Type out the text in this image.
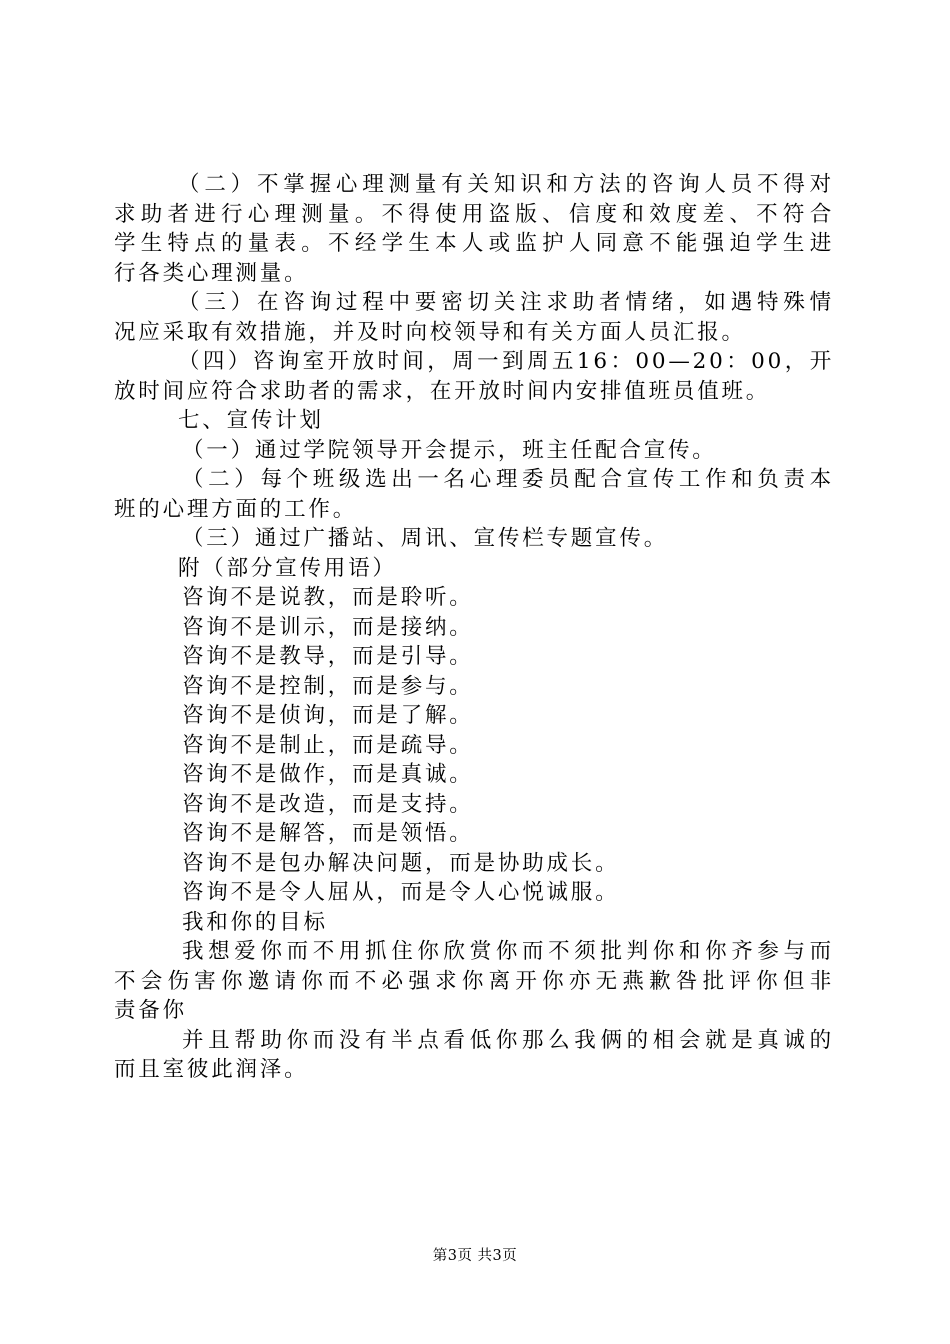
（二）不掌握心理测量有关知识和方法的咨询人员不得对
求助者进行心理测量。不得使用盗版、信度和效度差、不符合
学生特点的量表。不经学生本人或监护人同意不能强迫学生进
行各类心理测量。
（三）在咨询过程中要密切关注求助者情绪，如遇特殊情
况应采取有效措施，并及时向校领导和有关方面人员汇报。
（四）咨询室开放时间，周一到周五16：00—20：00，开
放时间应符合求助者的需求，在开放时间内安排值班员值班。
七、宣传计划
（一）通过学院领导开会提示，班主任配合宣传。
（二）每个班级选出一名心理委员配合宣传工作和负责本
班的心理方面的工作。
（三）通过广播站、周讯、宣传栏专题宣传。
附（部分宣传用语）
咨询不是说教，而是聆听。
咨询不是训示，而是接纳。
咨询不是教导，而是引导。
咨询不是控制，而是参与。
咨询不是侦询，而是了解。
咨询不是制止，而是疏导。
咨询不是做作，而是真诚。
咨询不是改造，而是支持。
咨询不是解答，而是领悟。
咨询不是包办解决问题，而是协助成长。
咨询不是令人屈从，而是令人心悦诚服。
我和你的目标
我想爱你而不用抓住你欣赏你而不须批判你和你齐参与而
不会伤害你邀请你而不必强求你离开你亦无燕歉咎批评你但非
责备你
并且帮助你而没有半点看低你那么我俩的相会就是真诚的
而且室彼此润泽。
第3页 共3页
